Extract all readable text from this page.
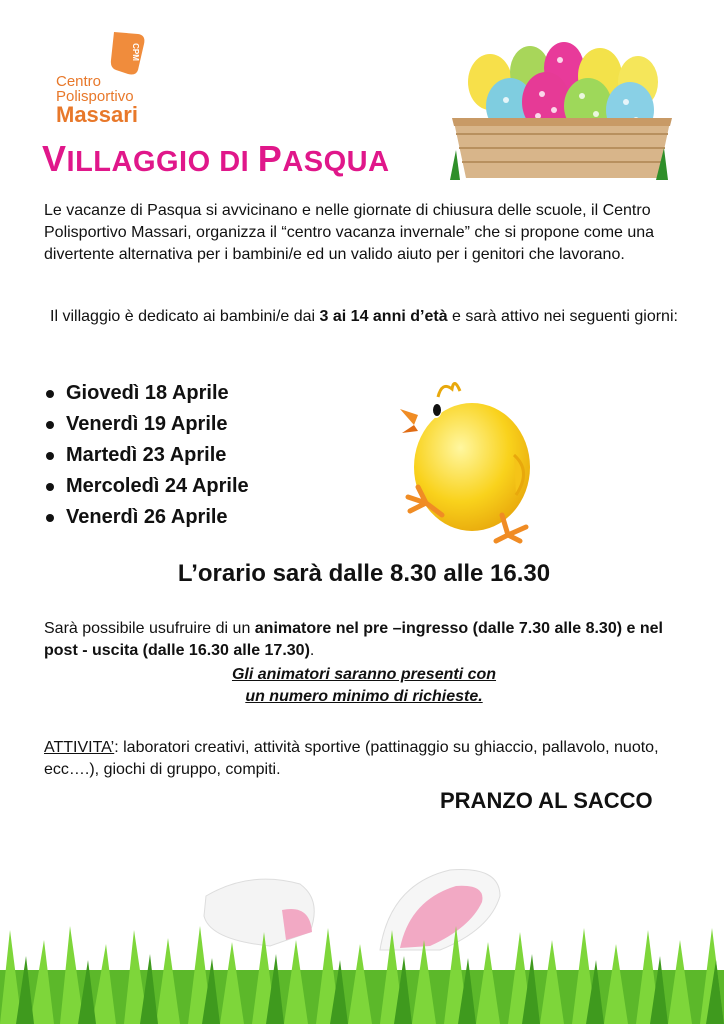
CPM
Centro
Polisportivo
Massari
VILLAGGIO DI PASQUA
Le vacanze di Pasqua si avvicinano e nelle giornate di chiusura delle scuole, il Centro Polisportivo Massari, organizza il “centro vacanza invernale” che si propone come una divertente alternativa per i bambini/e ed un valido aiuto per i genitori che lavorano.
Il villaggio è dedicato ai bambini/e dai 3 ai 14 anni d’età e sarà attivo nei seguenti giorni:
Giovedì 18 Aprile
Venerdì 19 Aprile
Martedì 23 Aprile
Mercoledì 24 Aprile
Venerdì 26 Aprile
L’orario sarà dalle 8.30 alle 16.30
Sarà possibile usufruire di un animatore nel pre –ingresso (dalle 7.30 alle 8.30) e nel post - uscita (dalle 16.30 alle 17.30).
Gli animatori saranno presenti con
un numero minimo di richieste.
ATTIVITA’: laboratori creativi, attività sportive (pattinaggio su ghiaccio, pallavolo, nuoto, ecc….), giochi di gruppo, compiti.
PRANZO AL SACCO
